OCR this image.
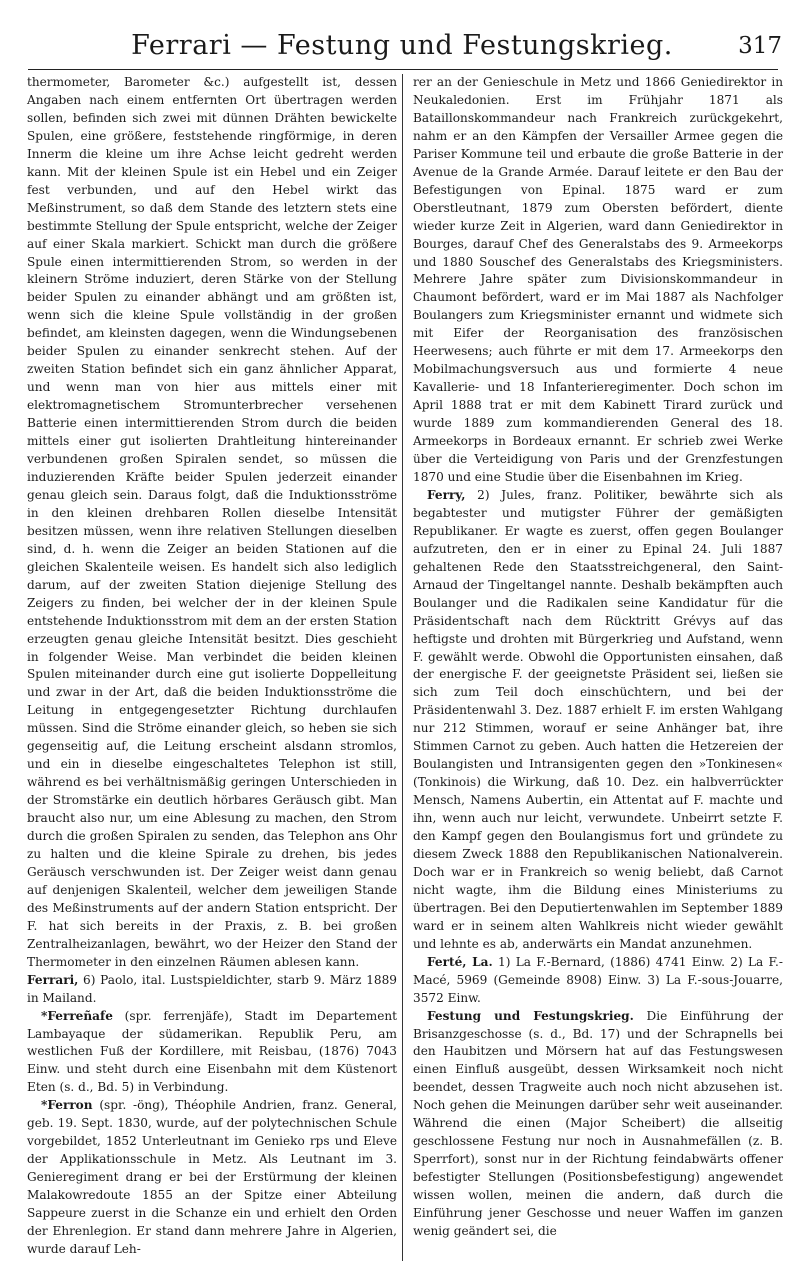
Ferrari — Festung und Festungskrieg.	317

thermometer, Barometer &c.) aufgestellt ist, dessen Angaben nach einem entfernten Ort übertragen werden sollen, befinden sich zwei mit dünnen Drähten bewickelte Spulen, eine größere, feststehende ringförmige, in deren Innerm die kleine um ihre Achse leicht gedreht werden kann. Mit der kleinen Spule ist ein Hebel und ein Zeiger fest verbunden, und auf den Hebel wirkt das Meßinstrument, so daß dem Stande des letztern stets eine bestimmte Stellung der Spule entspricht, welche der Zeiger auf einer Skala markiert. Schickt man durch die größere Spule einen intermittierenden Strom, so werden in der kleinern Ströme induziert, deren Stärke von der Stellung beider Spulen zu einander abhängt und am größten ist, wenn sich die kleine Spule vollständig in der großen befindet, am kleinsten dagegen, wenn die Windungsebenen beider Spulen zu einander senkrecht stehen. Auf der zweiten Station befindet sich ein ganz ähnlicher Apparat, und wenn man von hier aus mittels einer mit elektromagnetischem Stromunterbrecher versehenen Batterie einen intermittierenden Strom durch die beiden mittels einer gut isolierten Drahtleitung hintereinander verbundenen großen Spiralen sendet, so müssen die induzierenden Kräfte beider Spulen jederzeit einander genau gleich sein. Daraus folgt, daß die Induktionsströme in den kleinen drehbaren Rollen dieselbe Intensität besitzen müssen, wenn ihre relativen Stellungen dieselben sind, d. h. wenn die Zeiger an beiden Stationen auf die gleichen Skalenteile weisen. Es handelt sich also lediglich darum, auf der zweiten Station diejenige Stellung des Zeigers zu finden, bei welcher der in der kleinen Spule entstehende Induktionsstrom mit dem an der ersten Station erzeugten genau gleiche Intensität besitzt. Dies geschieht in folgender Weise. Man verbindet die beiden kleinen Spulen miteinander durch eine gut isolierte Doppelleitung und zwar in der Art, daß die beiden Induktionsströme die Leitung in entgegengesetzter Richtung durchlaufen müssen. Sind die Ströme einander gleich, so heben sie sich gegenseitig auf, die Leitung erscheint alsdann stromlos, und ein in dieselbe eingeschaltetes Telephon ist still, während es bei verhältnismäßig geringen Unterschieden in der Stromstärke ein deutlich hörbares Geräusch gibt. Man braucht also nur, um eine Ablesung zu machen, den Strom durch die großen Spiralen zu senden, das Telephon ans Ohr zu halten und die kleine Spirale zu drehen, bis jedes Geräusch verschwunden ist. Der Zeiger weist dann genau auf denjenigen Skalenteil, welcher dem jeweiligen Stande des Meßinstruments auf der andern Station entspricht. Der F. hat sich bereits in der Praxis, z. B. bei großen Zentralheizanlagen, bewährt, wo der Heizer den Stand der Thermometer in den einzelnen Räumen ablesen kann.

Ferrari, 6) Paolo, ital. Lustspieldichter, starb 9. März 1889 in Mailand.

*Ferreñafe (spr. ferrenjäfe), Stadt im Departement Lambayaque der südamerikan. Republik Peru, am westlichen Fuß der Kordillere, mit Reisbau, (1876) 7043 Einw. und steht durch eine Eisenbahn mit dem Küstenort Eten (s. d., Bd. 5) in Verbindung.

*Ferron (spr. -öng), Théophile Andrien, franz. General, geb. 19. Sept. 1830, wurde, auf der polytechnischen Schule vorgebildet, 1852 Unterleutnant im Genieko rps und Eleve der Applikationsschule in Metz. Als Leutnant im 3. Genieregiment drang er bei der Erstürmung der kleinen Malakowredoute 1855 an der Spitze einer Abteilung Sappeure zuerst in die Schanze ein und erhielt den Orden der Ehrenlegion. Er stand dann mehrere Jahre in Algerien, wurde darauf Leh-

rer an der Genieschule in Metz und 1866 Geniedirektor in Neukaledonien. Erst im Frühjahr 1871 als Bataillonskommandeur nach Frankreich zurückgekehrt, nahm er an den Kämpfen der Versailler Armee gegen die Pariser Kommune teil und erbaute die große Batterie in der Avenue de la Grande Armée. Darauf leitete er den Bau der Befestigungen von Epinal. 1875 ward er zum Oberstleutnant, 1879 zum Obersten befördert, diente wieder kurze Zeit in Algerien, ward dann Geniedirektor in Bourges, darauf Chef des Generalstabs des 9. Armeekorps und 1880 Souschef des Generalstabs des Kriegsministers. Mehrere Jahre später zum Divisionskommandeur in Chaumont befördert, ward er im Mai 1887 als Nachfolger Boulangers zum Kriegsminister ernannt und widmete sich mit Eifer der Reorganisation des französischen Heerwesens; auch führte er mit dem 17. Armeekorps den Mobilmachungsversuch aus und formierte 4 neue Kavallerie- und 18 Infanterieregimenter. Doch schon im April 1888 trat er mit dem Kabinett Tirard zurück und wurde 1889 zum kommandierenden General des 18. Armeekorps in Bordeaux ernannt. Er schrieb zwei Werke über die Verteidigung von Paris und der Grenzfestungen 1870 und eine Studie über die Eisenbahnen im Krieg.

Ferry, 2) Jules, franz. Politiker, bewährte sich als begabtester und mutigster Führer der gemäßigten Republikaner. Er wagte es zuerst, offen gegen Boulanger aufzutreten, den er in einer zu Epinal 24. Juli 1887 gehaltenen Rede den Staatsstreichgeneral, den Saint-Arnaud der Tingeltangel nannte. Deshalb bekämpften auch Boulanger und die Radikalen seine Kandidatur für die Präsidentschaft nach dem Rücktritt Grévys auf das heftigste und drohten mit Bürgerkrieg und Aufstand, wenn F. gewählt werde. Obwohl die Opportunisten einsahen, daß der energische F. der geeignetste Präsident sei, ließen sie sich zum Teil doch einschüchtern, und bei der Präsidentenwahl 3. Dez. 1887 erhielt F. im ersten Wahlgang nur 212 Stimmen, worauf er seine Anhänger bat, ihre Stimmen Carnot zu geben. Auch hatten die Hetzereien der Boulangisten und Intransigenten gegen den »Tonkinesen« (Tonkinois) die Wirkung, daß 10. Dez. ein halbverrückter Mensch, Namens Aubertin, ein Attentat auf F. machte und ihn, wenn auch nur leicht, verwundete. Unbeirrt setzte F. den Kampf gegen den Boulangismus fort und gründete zu diesem Zweck 1888 den Republikanischen Nationalverein. Doch war er in Frankreich so wenig beliebt, daß Carnot nicht wagte, ihm die Bildung eines Ministeriums zu übertragen. Bei den Deputiertenwahlen im September 1889 ward er in seinem alten Wahlkreis nicht wieder gewählt und lehnte es ab, anderwärts ein Mandat anzunehmen.

Ferté, La. 1) La F.-Bernard, (1886) 4741 Einw. 2) La F.-Macé, 5969 (Gemeinde 8908) Einw. 3) La F.-sous-Jouarre, 3572 Einw.

Festung und Festungskrieg. Die Einführung der Brisanzgeschosse (s. d., Bd. 17) und der Schrapnells bei den Haubitzen und Mörsern hat auf das Festungswesen einen Einfluß ausgeübt, dessen Wirksamkeit noch nicht beendet, dessen Tragweite auch noch nicht abzusehen ist. Noch gehen die Meinungen darüber sehr weit auseinander. Während die einen (Major Scheibert) die allseitig geschlossene Festung nur noch in Ausnahmefällen (z. B. Sperrfort), sonst nur in der Richtung feindabwärts offener befestigter Stellungen (Positionsbefestigung) angewendet wissen wollen, meinen die andern, daß durch die Einführung jener Geschosse und neuer Waffen im ganzen wenig geändert sei, die
